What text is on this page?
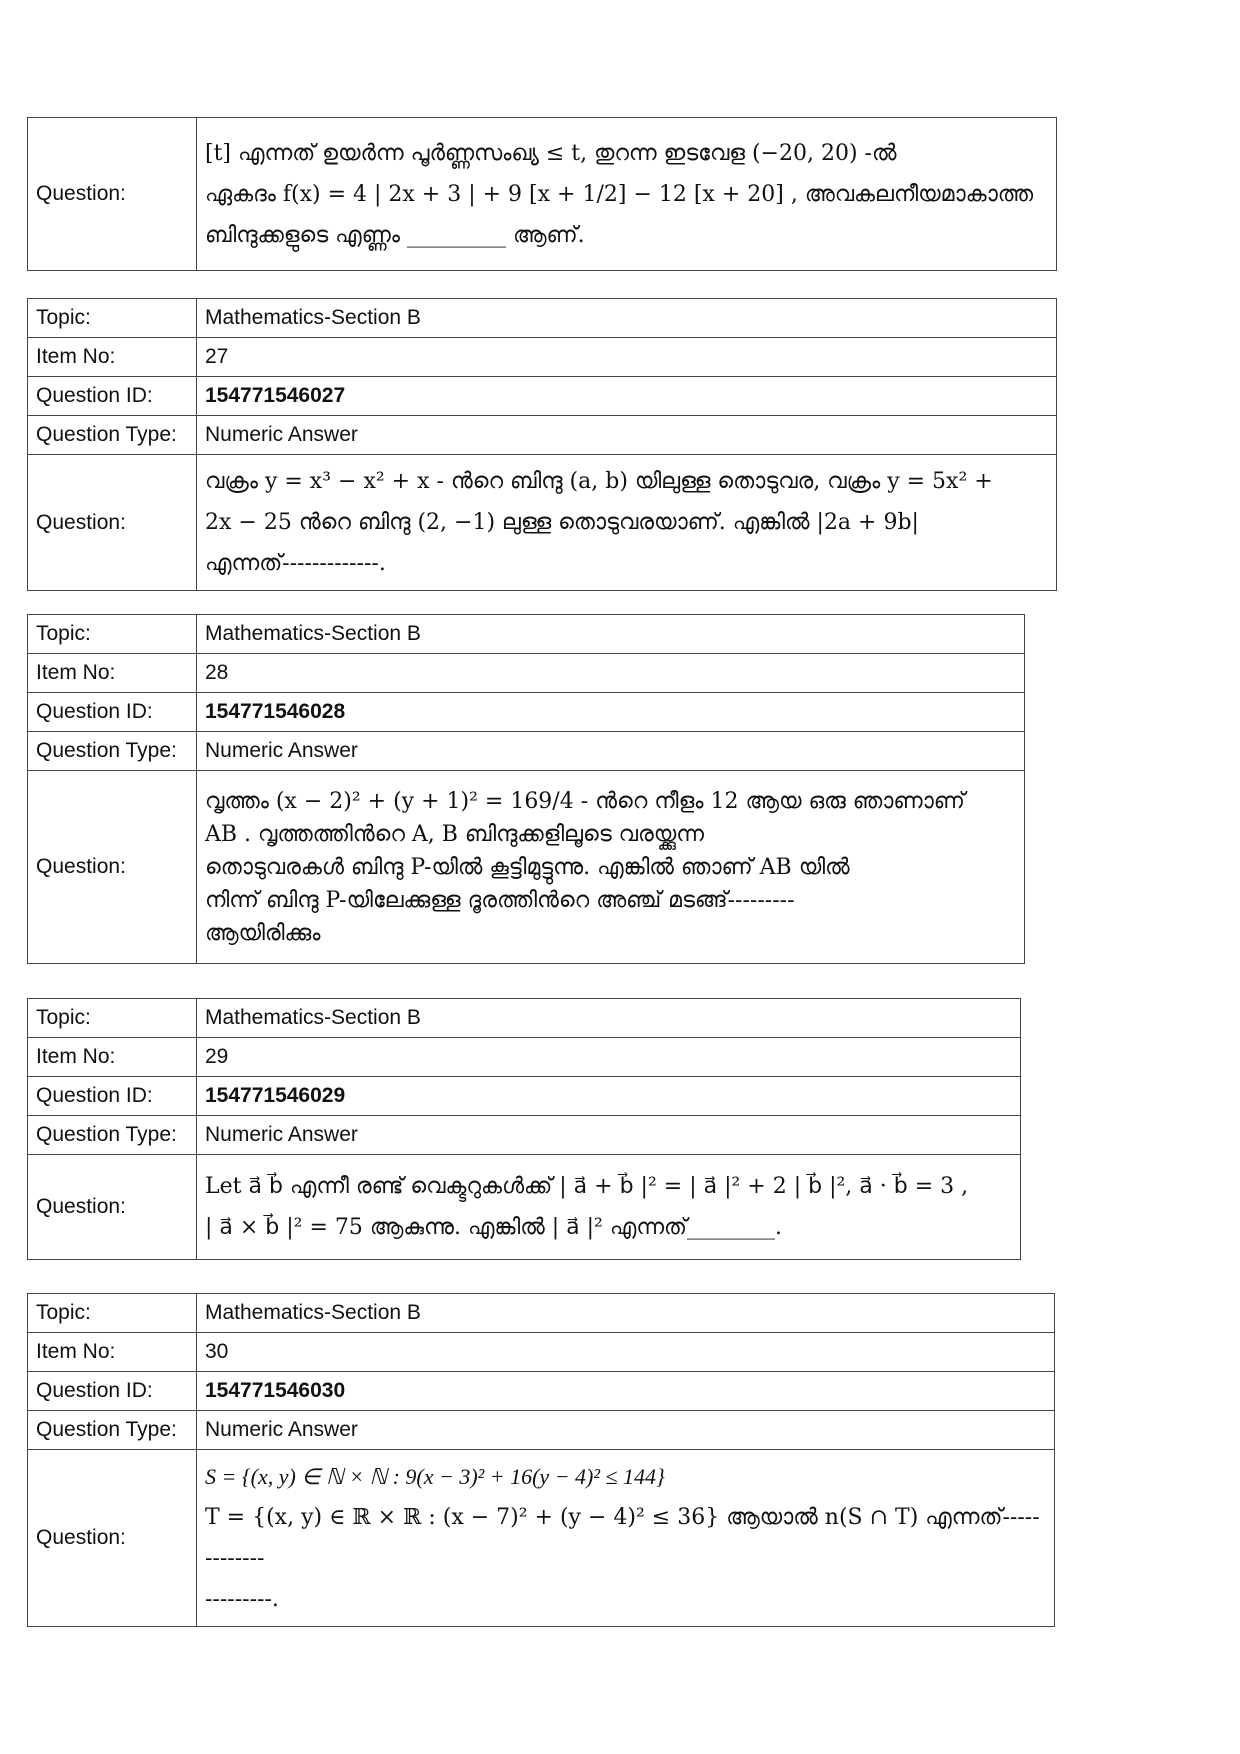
Question:	
[t] എന്നത് ഉയർന്ന പൂർണ്ണസംഖ്യ ≤ t, തുറന്ന ഇടവേള (−20, 20) -ൽ
ഏകദം f(x) = 4 | 2x + 3 | + 9 [x + 1/2] − 12 [x + 20] , അവകലനീയമാകാത്ത
ബിന്ദുക്കളുടെ എണ്ണം _________ ആണ്.
Topic:	Mathematics-Section B
Item No:	27
Question ID:	154771546027
Question Type:	Numeric Answer
Question:	വക്രം y = x³ − x² + x - ൻറെ ബിന്ദു (a, b) യിലുള്ള തൊടുവര, വക്രം y = 5x² +
2x − 25 ൻറെ ബിന്ദു (2, −1) ലുള്ള തൊടുവരയാണ്. എങ്കിൽ |2a + 9b|
എന്നത്-------------.
Topic:	Mathematics-Section B
Item No:	28
Question ID:	154771546028
Question Type:	Numeric Answer
Question:	വൃത്തം (x − 2)² + (y + 1)² = 169/4 - ൻറെ നീളം 12 ആയ ഒരു ഞാണാണ്
AB . വൃത്തത്തിൻറെ A, B ബിന്ദുക്കളിലൂടെ വരയ്ക്കുന്ന
തൊടുവരകൾ ബിന്ദു P-യിൽ കൂട്ടിമുട്ടുന്നു. എങ്കിൽ ഞാണ് AB യിൽ
നിന്ന് ബിന്ദു P-യിലേക്കുള്ള ദൂരത്തിൻറെ അഞ്ച് മടങ്ങ്---------
ആയിരിക്കും
Topic:	Mathematics-Section B
Item No:	29
Question ID:	154771546029
Question Type:	Numeric Answer
Question:	Let a⃗ b⃗ എന്നീ രണ്ട് വെക്ടറുകൾക്ക് | a⃗ + b⃗ |² = | a⃗ |² + 2 | b⃗ |², a⃗ · b⃗ = 3 ,
| a⃗ × b⃗ |² = 75 ആകുന്നു. എങ്കിൽ | a⃗ |² എന്നത്________.
Topic:	Mathematics-Section B
Item No:	30
Question ID:	154771546030
Question Type:	Numeric Answer
Question:	S = {(x, y) ∈ ℕ × ℕ : 9(x − 3)² + 16(y − 4)² ≤ 144}
T = {(x, y) ∈ ℝ × ℝ : (x − 7)² + (y − 4)² ≤ 36} ആയാൽ n(S ∩ T) എന്നത്-------------
---------.
